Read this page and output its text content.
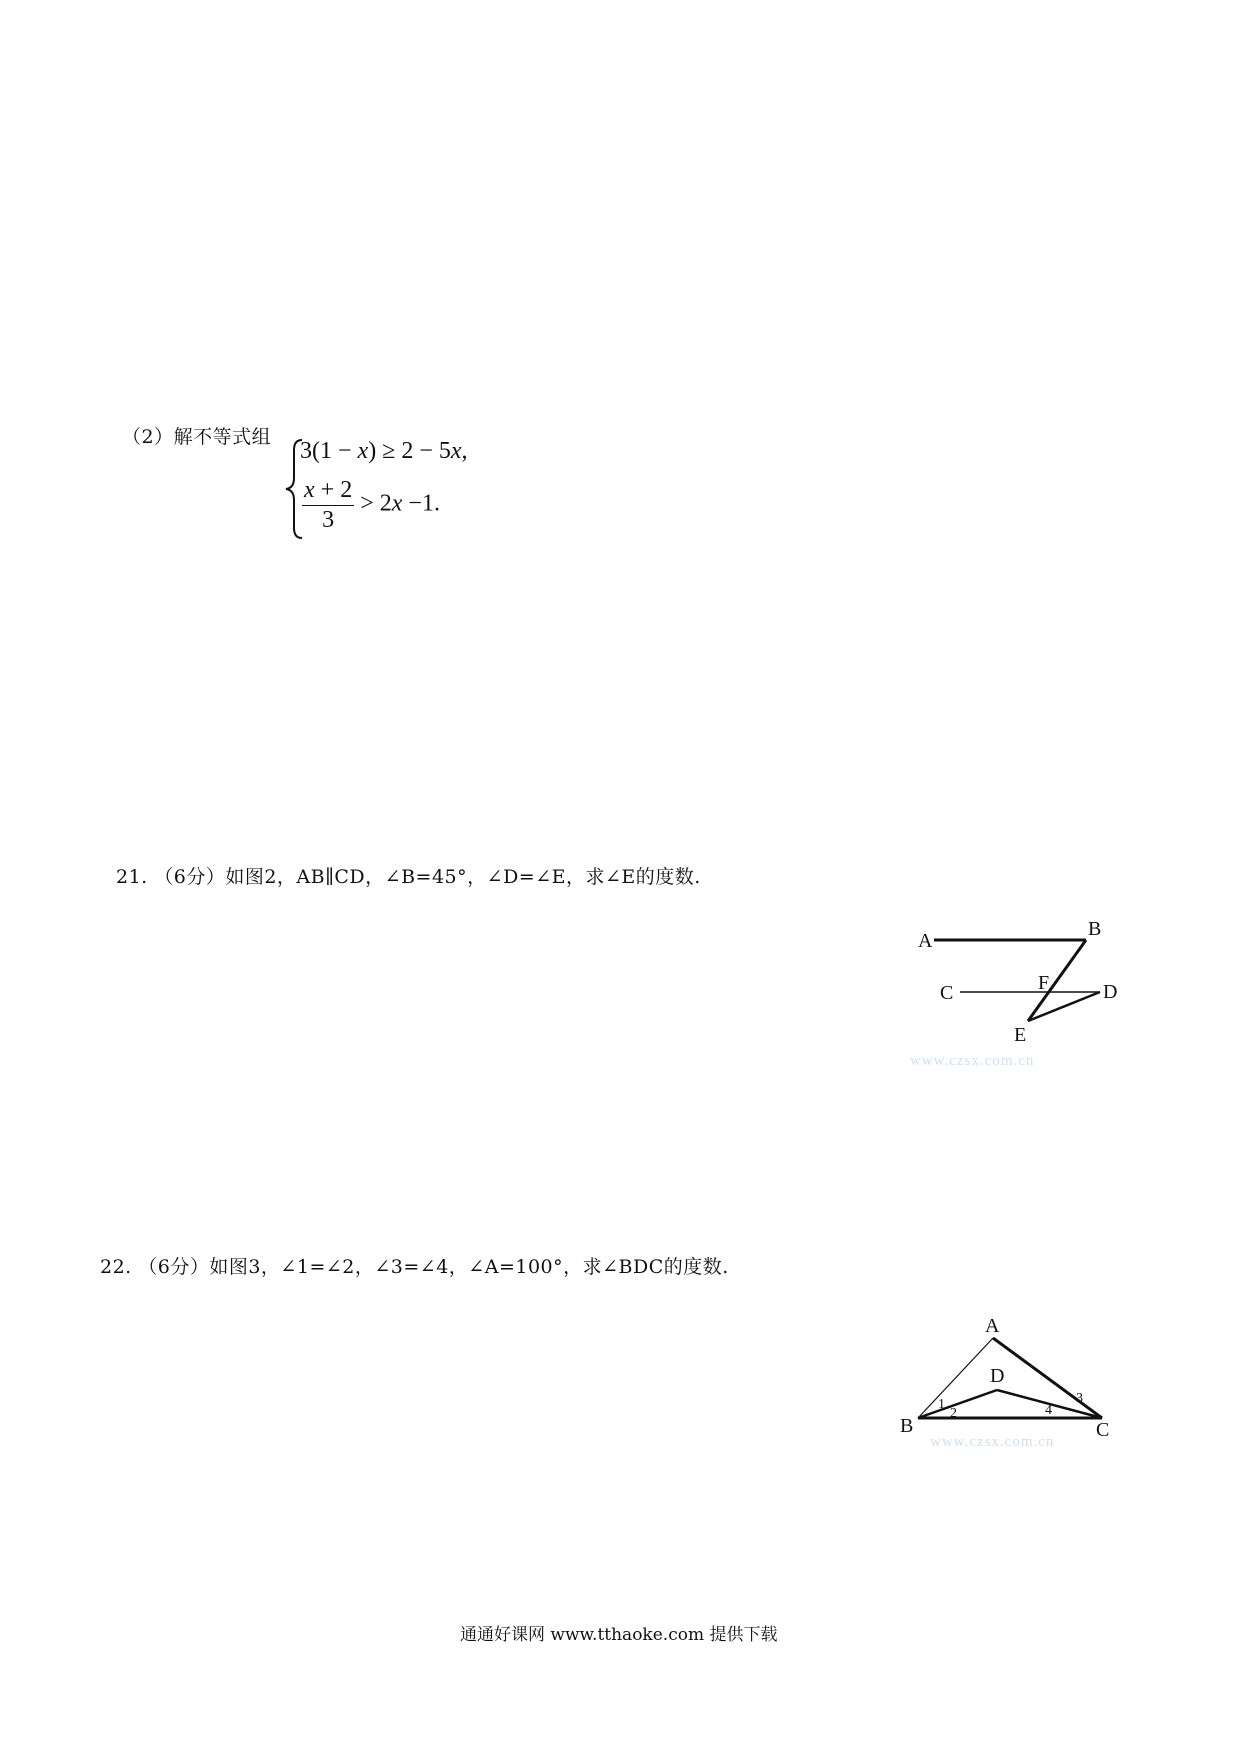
（2）解不等式组
3(1 − x) ≥ 2 − 5x,
$\frac{x + 2}{3} > 2x -1$.
21. （6分）如图2，AB∥CD，∠B=45°，∠D=∠E，求∠E的度数.
A
B
C	D
F
E
www.czsx.com.cn
22. （6分）如图3，∠1=∠2，∠3=∠4，∠A=100°，求∠BDC的度数.
A
D
B	C
1
2
3
4
www.czsx.com.cn
通通好课网 www.tthaoke.com 提供下载
